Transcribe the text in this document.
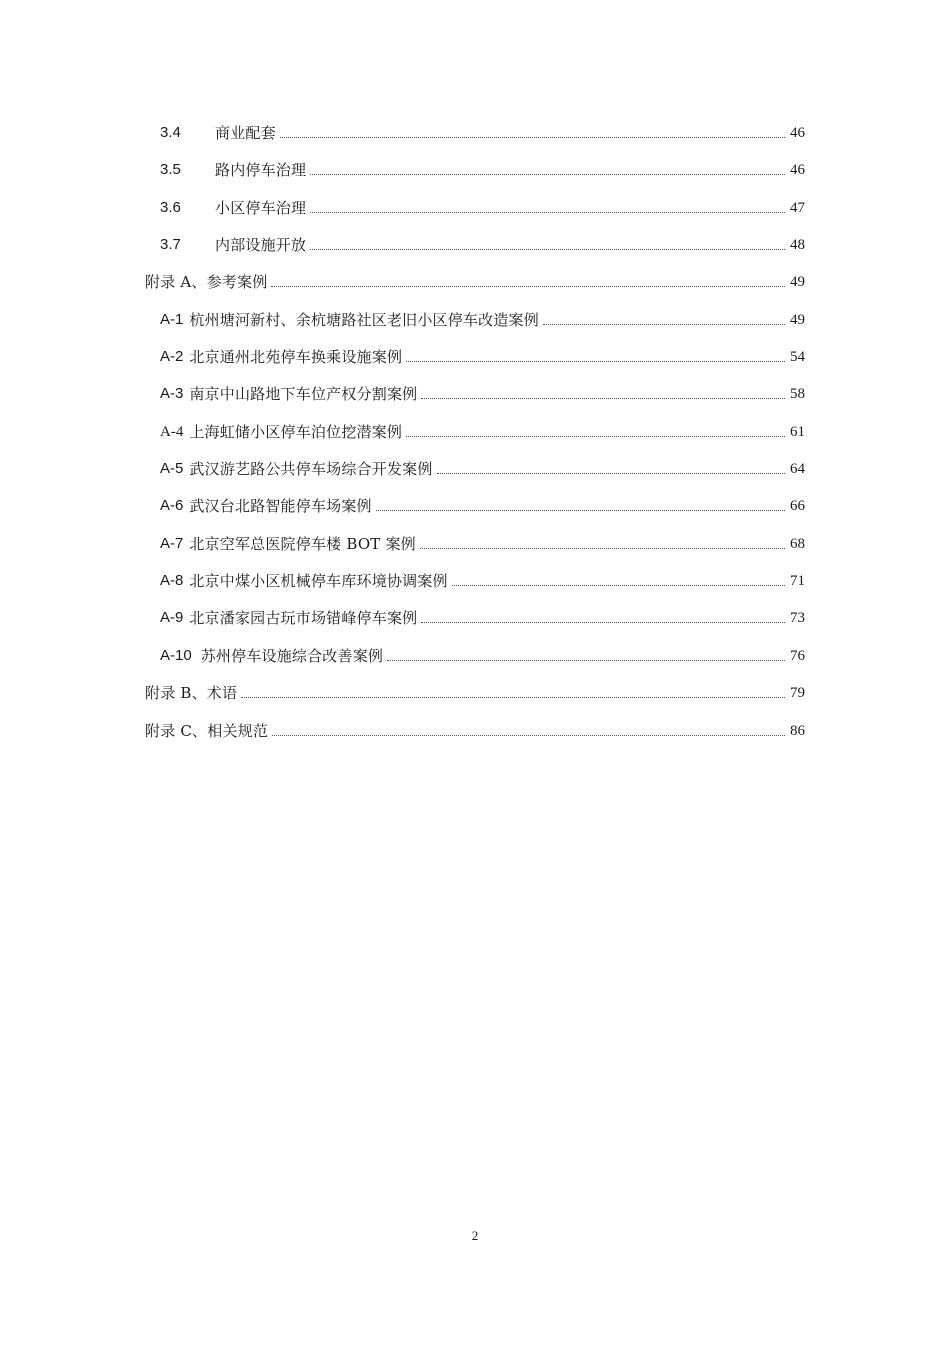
3.4	商业配套	46
3.5	路内停车治理	46
3.6	小区停车治理	47
3.7	内部设施开放	48
附录 A、参考案例	49
A-1 杭州塘河新村、余杭塘路社区老旧小区停车改造案例	49
A-2 北京通州北苑停车换乘设施案例	54
A-3 南京中山路地下车位产权分割案例	58
A-4 上海虹储小区停车泊位挖潜案例	61
A-5 武汉游艺路公共停车场综合开发案例	64
A-6 武汉台北路智能停车场案例	66
A-7 北京空军总医院停车楼 BOT 案例	68
A-8 北京中煤小区机械停车库环境协调案例	71
A-9 北京潘家园古玩市场错峰停车案例	73
A-10 苏州停车设施综合改善案例	76
附录 B、术语	79
附录 C、相关规范	86
2
